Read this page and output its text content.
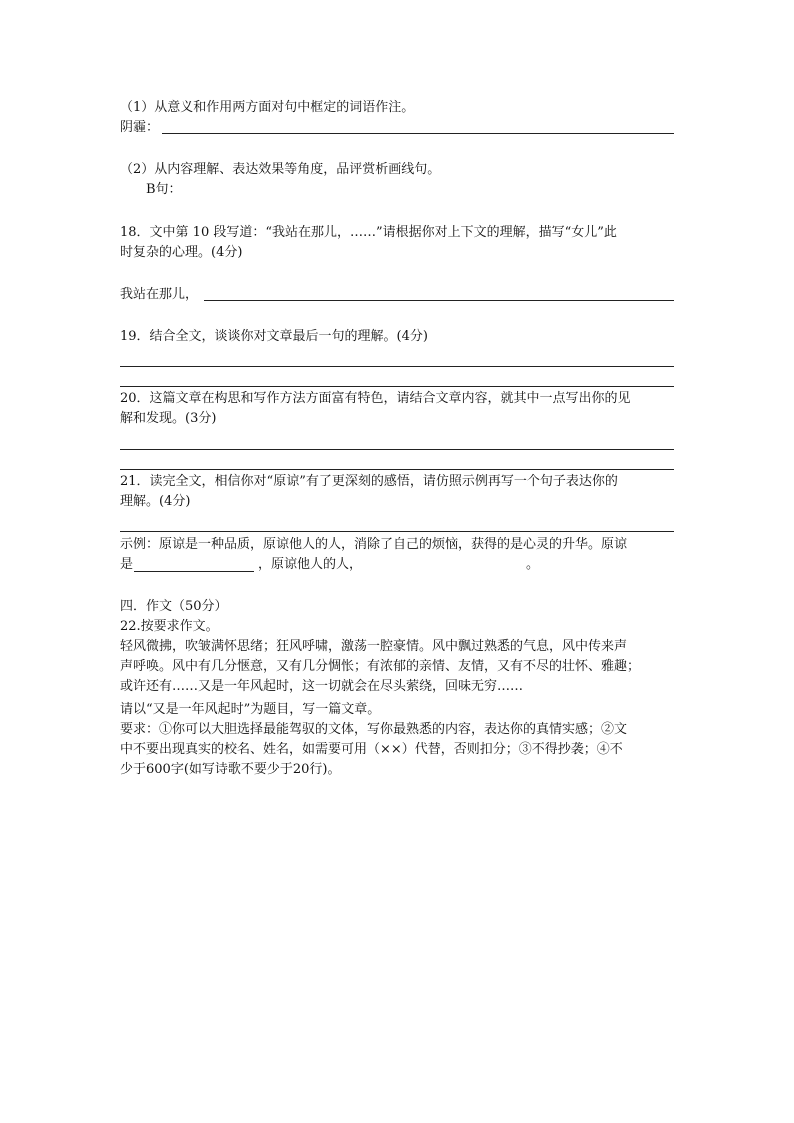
（1）从意义和作用两方面对句中框定的词语作注。
阴霾：
（2）从内容理解、表达效果等角度，品评赏析画线句。
B句：
18．文中第 10 段写道：“我站在那儿，……”请根据你对上下文的理解，描写“女儿”此
时复杂的心理。(4分)
我站在那儿，
19．结合全文，谈谈你对文章最后一句的理解。(4分)
20．这篇文章在构思和写作方法方面富有特色，请结合文章内容，就其中一点写出你的见
解和发现。(3分)
21．读完全文，相信你对“原谅”有了更深刻的感悟，请仿照示例再写一个句子表达你的
理解。(4分)
示例：原谅是一种品质，原谅他人的人，消除了自己的烦恼，获得的是心灵的升华。原谅
是	，原谅他人的人，	。
四．作文（50分）
22.按要求作文。
轻风微拂，吹皱满怀思绪；狂风呼啸，激荡一腔豪情。风中飘过熟悉的气息，风中传来声
声呼唤。风中有几分惬意，又有几分惆怅；有浓郁的亲情、友情，又有不尽的壮怀、雅趣；
或许还有……又是一年风起时，这一切就会在尽头萦绕，回味无穷……
请以“又是一年风起时”为题目，写一篇文章。
要求：①你可以大胆选择最能驾驭的文体，写你最熟悉的内容，表达你的真情实感；②文
中不要出现真实的校名、姓名，如需要可用（××）代替，否则扣分；③不得抄袭；④不
少于600字(如写诗歌不要少于20行)。
